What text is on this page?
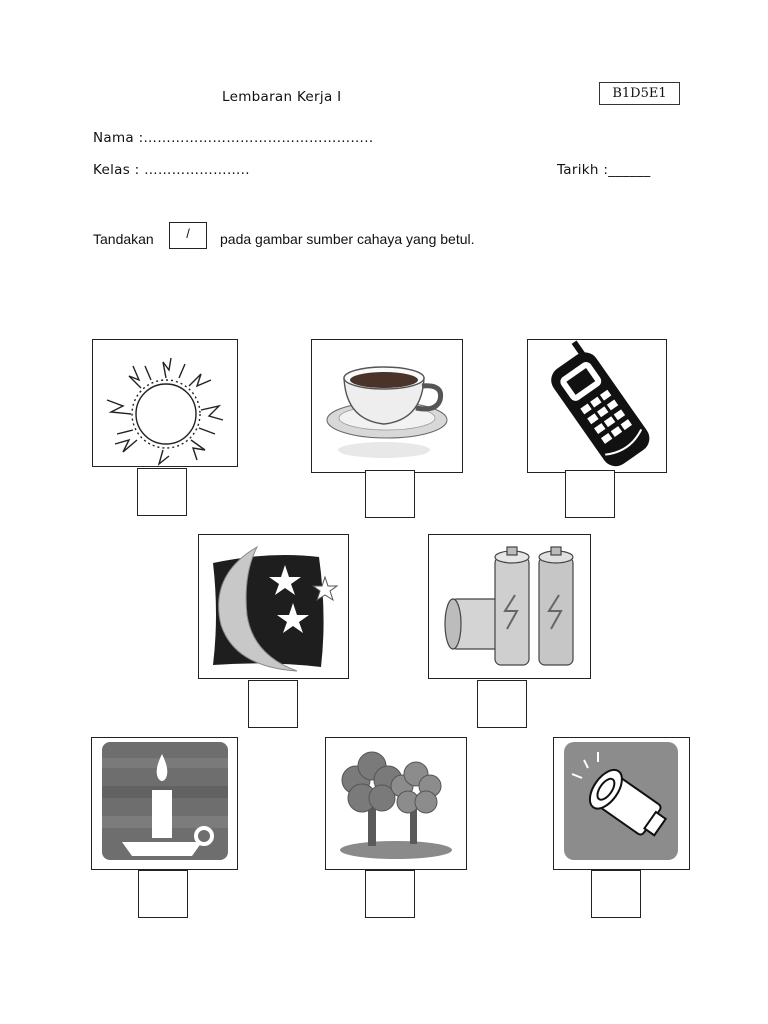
Lembaran Kerja I	B1D5E1
Nama :…………………………………………..
Kelas : …………………..	Tarikh :______
Tandakan	/	pada gambar sumber cahaya yang betul.
